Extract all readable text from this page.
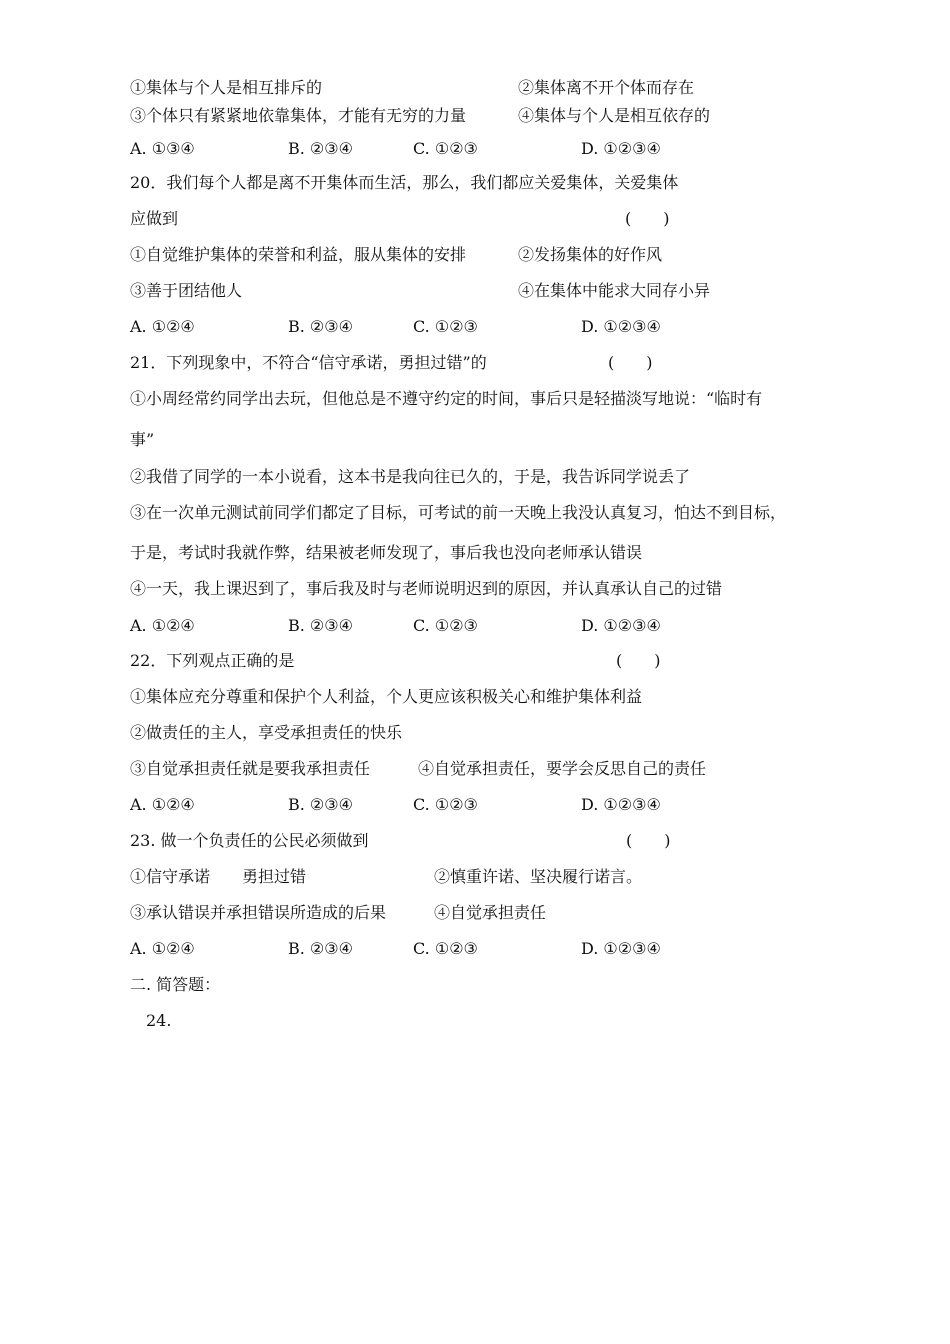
①集体与个人是相互排斥的	②集体离不开个体而存在
③个体只有紧紧地依靠集体，才能有无穷的力量	④集体与个人是相互依存的
A. ①③④	B. ②③④	C. ①②③	D. ①②③④
20．我们每个人都是离不开集体而生活，那么，我们都应关爱集体，关爱集体
应做到	(　　)
①自觉维护集体的荣誉和利益，服从集体的安排	②发扬集体的好作风
③善于团结他人	④在集体中能求大同存小异
A. ①②④	B. ②③④	C. ①②③	D. ①②③④
21．下列现象中，不符合“信守承诺，勇担过错”的	(　　)
①小周经常约同学出去玩，但他总是不遵守约定的时间，事后只是轻描淡写地说：“临时有
事”
②我借了同学的一本小说看，这本书是我向往已久的，于是，我告诉同学说丢了
③在一次单元测试前同学们都定了目标，可考试的前一天晚上我没认真复习，怕达不到目标，
于是，考试时我就作弊，结果被老师发现了，事后我也没向老师承认错误
④一天，我上课迟到了，事后我及时与老师说明迟到的原因，并认真承认自己的过错
A. ①②④	B. ②③④	C. ①②③	D. ①②③④
22．下列观点正确的是	(　　)
①集体应充分尊重和保护个人利益，个人更应该积极关心和维护集体利益
②做责任的主人，享受承担责任的快乐
③自觉承担责任就是要我承担责任	④自觉承担责任，要学会反思自己的责任
A. ①②④	B. ②③④	C. ①②③	D. ①②③④
23. 做一个负责任的公民必须做到	(　　)
①信守承诺　　勇担过错	②慎重许诺、坚决履行诺言。
③承认错误并承担错误所造成的后果	④自觉承担责任
A. ①②④	B. ②③④	C. ①②③	D. ①②③④
二. 简答题：
24.
